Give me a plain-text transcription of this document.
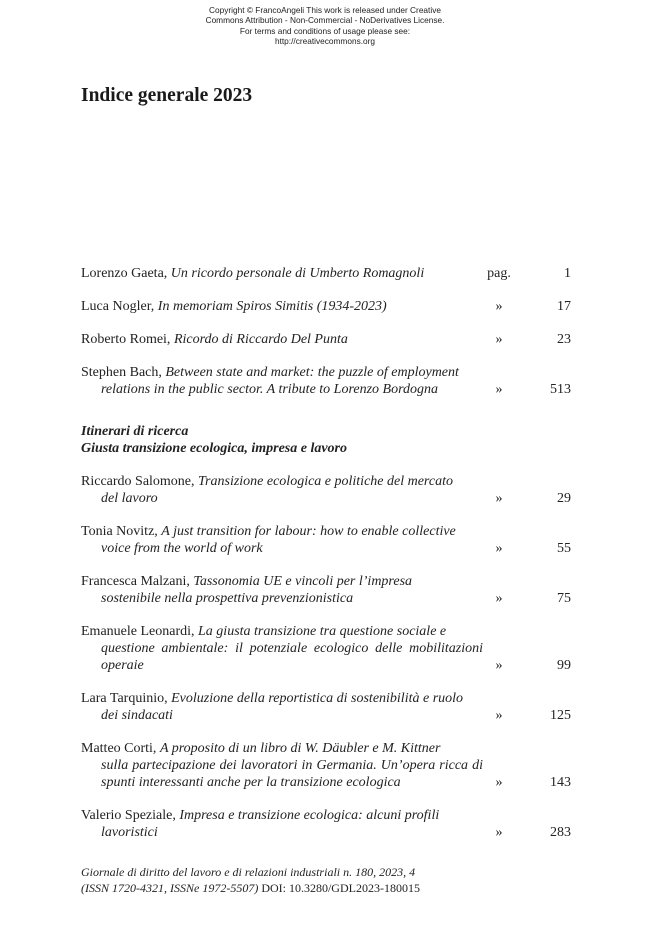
Copyright © FrancoAngeli This work is released under Creative
Commons Attribution - Non-Commercial - NoDerivatives License.
For terms and conditions of usage please see:
http://creativecommons.org
Indice generale 2023
Lorenzo Gaeta, Un ricordo personale di Umberto Romagnoli	pag.	1
Luca Nogler, In memoriam Spiros Simitis (1934-2023)	»	17
Roberto Romei, Ricordo di Riccardo Del Punta	»	23
Stephen Bach, Between state and market: the puzzle of employment
relations in the public sector. A tribute to Lorenzo Bordogna	»	513
Itinerari di ricerca
Giusta transizione ecologica, impresa e lavoro
Riccardo Salomone, Transizione ecologica e politiche del mercato
del lavoro	»	29
Tonia Novitz, A just transition for labour: how to enable collective
voice from the world of work	»	55
Francesca Malzani, Tassonomia UE e vincoli per l’impresa
sostenibile nella prospettiva prevenzionistica	»	75
Emanuele Leonardi, La giusta transizione tra questione sociale e
questione ambientale: il potenziale ecologico delle mobilitazioni operaie	»	99
Lara Tarquinio, Evoluzione della reportistica di sostenibilità e ruolo
dei sindacati	»	125
Matteo Corti, A proposito di un libro di W. Däubler e M. Kittner
sulla partecipazione dei lavoratori in Germania. Un’opera ricca di spunti interessanti anche per la transizione ecologica	»	143
Valerio Speziale, Impresa e transizione ecologica: alcuni profili
lavoristici	»	283
Giornale di diritto del lavoro e di relazioni industriali n. 180, 2023, 4
(ISSN 1720-4321, ISSNe 1972-5507) DOI: 10.3280/GDL2023-180015
